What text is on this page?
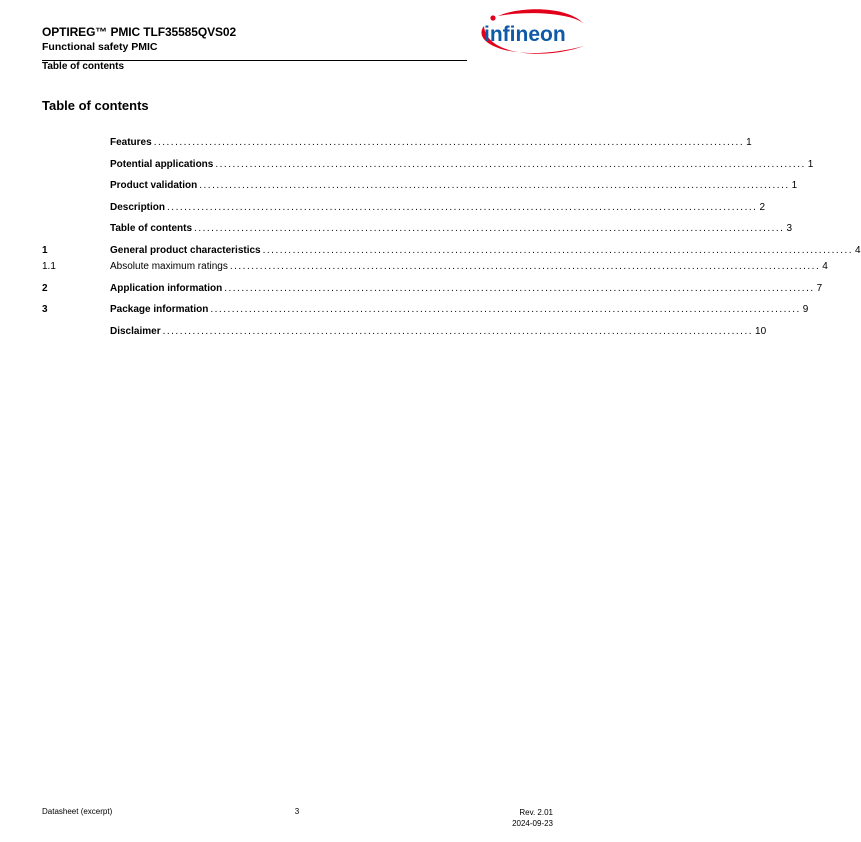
OPTIREG™ PMIC TLF35585QVS02
Functional safety PMIC
Table of contents
infineon
Table of contents
Features .......................................................................................................................................... 1
Potential applications .......................................................................................................................................... 1
Product validation .......................................................................................................................................... 1
Description .......................................................................................................................................... 2
Table of contents .......................................................................................................................................... 3
1	General product characteristics .......................................................................................................................................... 4
1.1	Absolute maximum ratings .......................................................................................................................................... 4
2	Application information .......................................................................................................................................... 7
3	Package information .......................................................................................................................................... 9
Disclaimer .......................................................................................................................................... 10
Datasheet (excerpt)	3	Rev. 2.01
2024-09-23
